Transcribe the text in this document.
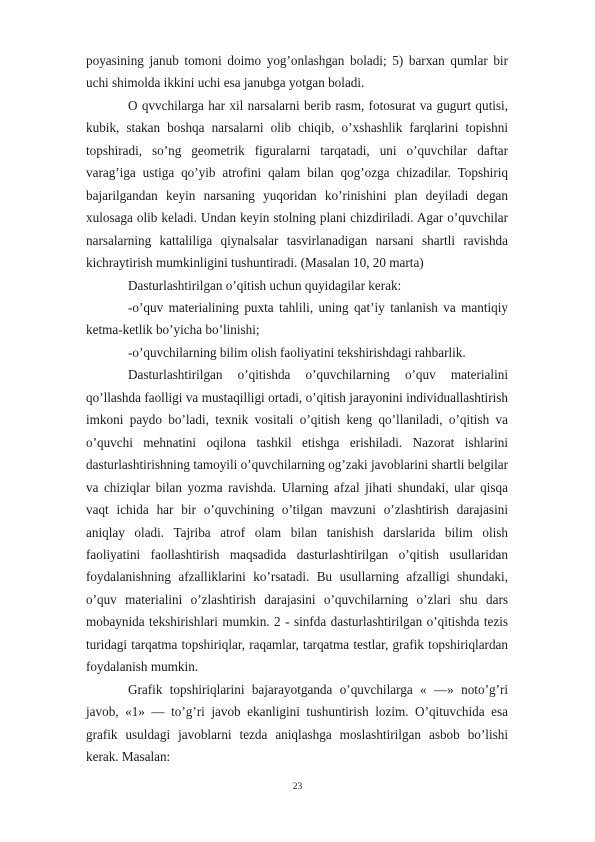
poyasining janub tomoni doimo yog’onlashgan boladi; 5) barxan qumlar bir uchi shimolda ikkini uchi esa janubga yotgan boladi.

O qvvchilarga har xil narsalarni berib rasm, fotosurat va gugurt qutisi, kubik, stakan boshqa narsalarni olib chiqib, o’xshashlik farqlarini topishni topshiradi, so’ng geometrik figuralarni tarqatadi, uni o’quvchilar daftar varag’iga ustiga qo’yib atrofini qalam bilan qog’ozga chizadilar. Topshiriq bajarilgandan keyin narsaning yuqoridan ko’rinishini plan deyiladi degan xulosaga olib keladi. Undan keyin stolning plani chizdiriladi. Agar o’quvchilar narsalarning kattaliliga qiynalsalar tasvirlanadigan narsani shartli ravishda kichraytirish mumkinligini tushuntiradi. (Masalan 10, 20 marta)

Dasturlashtirilgan o’qitish uchun quyidagilar kerak:

-o’quv materialining puxta tahlili, uning qat’iy tanlanish va mantiqiy ketma-ketlik bo’yicha bo’linishi;

-o’quvchilarning bilim olish faoliyatini tekshirishdagi rahbarlik.

Dasturlashtirilgan o’qitishda o’quvchilarning o’quv materialini qo’llashda faolligi va mustaqilligi ortadi, o’qitish jarayonini individuallashtirish imkoni paydo bo’ladi, texnik vositali o’qitish keng qo’llaniladi, o’qitish va o’quvchi mehnatini oqilona tashkil etishga erishiladi. Nazorat ishlarini dasturlashtirishning tamoyili o’quvchilarning og’zaki javoblarini shartli belgilar va chiziqlar bilan yozma ravishda. Ularning afzal jihati shundaki, ular qisqa vaqt ichida har bir o’quvchining o’tilgan mavzuni o’zlashtirish darajasini aniqlay oladi. Tajriba atrof olam bilan tanishish darslarida bilim olish faoliyatini faollashtirish maqsadida dasturlashtirilgan o’qitish usullaridan foydalanishning afzalliklarini ko’rsatadi. Bu usullarning afzalligi shundaki, o’quv materialini o’zlashtirish darajasini o’quvchilarning o’zlari shu dars mobaynida tekshirishlari mumkin. 2 - sinfda dasturlashtirilgan o’qitishda tezis turidagi tarqatma topshiriqlar, raqamlar, tarqatma testlar, grafik topshiriqlardan foydalanish mumkin.

Grafik topshiriqlarini bajarayotganda o’quvchilarga « —» noto’g’ri javob, «1» — to’g’ri javob ekanligini tushuntirish lozim. O’qituvchida esa grafik usuldagi javoblarni tezda aniqlashga moslashtirilgan asbob bo’lishi kerak. Masalan:

23
